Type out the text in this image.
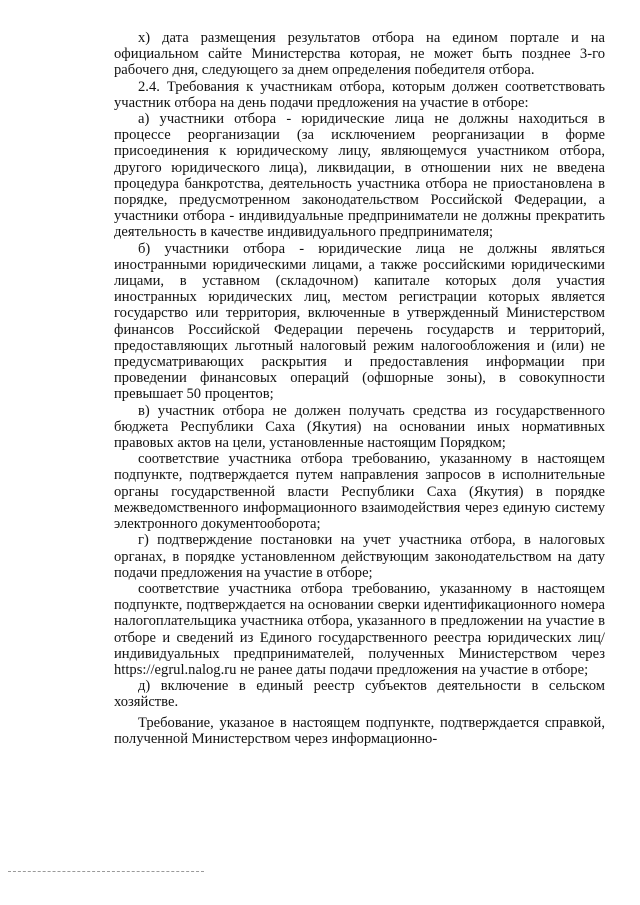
х) дата размещения результатов отбора на едином портале и на официальном сайте Министерства которая, не может быть позднее 3-го рабочего дня, следующего за днем определения победителя отбора.

2.4. Требования к участникам отбора, которым должен соответствовать участник отбора на день подачи предложения на участие в отборе:

а) участники отбора - юридические лица не должны находиться в процессе реорганизации (за исключением реорганизации в форме присоединения к юридическому лицу, являющемуся участником отбора, другого юридического лица), ликвидации, в отношении них не введена процедура банкротства, деятельность участника отбора не приостановлена в порядке, предусмотренном законодательством Российской Федерации, а участники отбора - индивидуальные предприниматели не должны прекратить деятельность в качестве индивидуального предпринимателя;

б) участники отбора - юридические лица не должны являться иностранными юридическими лицами, а также российскими юридическими лицами, в уставном (складочном) капитале которых доля участия иностранных юридических лиц, местом регистрации которых является государство или территория, включенные в утвержденный Министерством финансов Российской Федерации перечень государств и территорий, предоставляющих льготный налоговый режим налогообложения и (или) не предусматривающих раскрытия и предоставления информации при проведении финансовых операций (офшорные зоны), в совокупности превышает 50 процентов;

в) участник отбора не должен получать средства из государственного бюджета Республики Саха (Якутия) на основании иных нормативных правовых актов на цели, установленные настоящим Порядком;

соответствие участника отбора требованию, указанному в настоящем подпункте, подтверждается путем направления запросов в исполнительные органы государственной власти Республики Саха (Якутия) в порядке межведомственного информационного взаимодействия через единую систему электронного документооборота;

г) подтверждение постановки на учет участника отбора, в налоговых органах, в порядке установленном действующим законодательством на дату подачи предложения на участие в отборе;

соответствие участника отбора требованию, указанному в настоящем подпункте, подтверждается на основании сверки идентификационного номера налогоплательщика участника отбора, указанного в предложении на участие в отборе и сведений из Единого государственного реестра юридических лиц/индивидуальных предпринимателей, полученных Министерством через https://egrul.nalog.ru не ранее даты подачи предложения на участие в отборе;

д) включение в единый реестр субъектов деятельности в сельском хозяйстве.

Требование, указаное в настоящем подпункте, подтверждается справкой, полученной Министерством через информационно-
